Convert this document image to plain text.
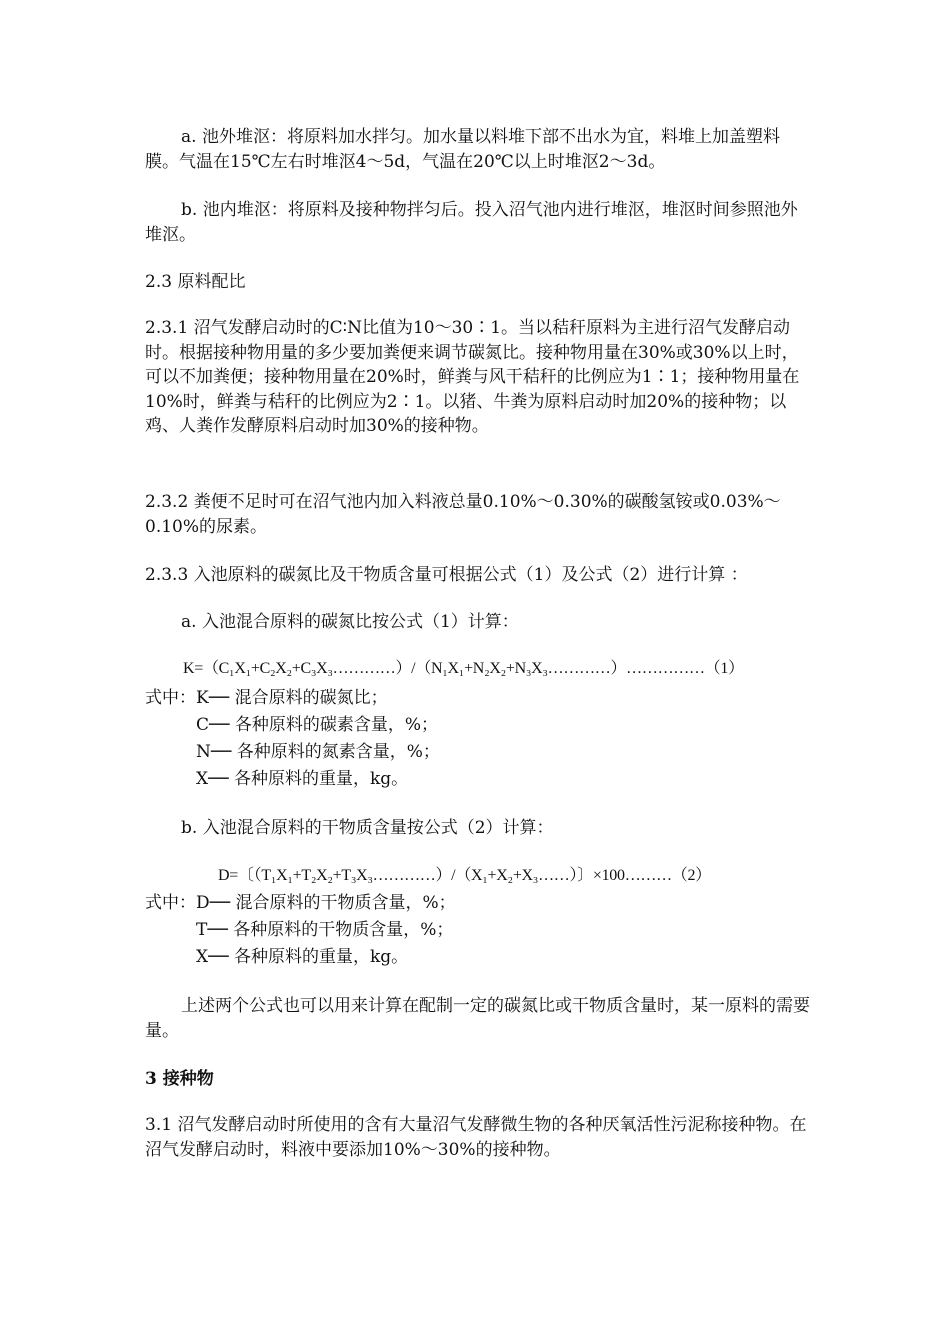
a. 池外堆沤：将原料加水拌匀。加水量以料堆下部不出水为宜，料堆上加盖塑料膜。气温在15℃左右时堆沤4～5d，气温在20℃以上时堆沤2～3d。
b. 池内堆沤：将原料及接种物拌匀后。投入沼气池内进行堆沤，堆沤时间参照池外堆沤。
2.3 原料配比
2.3.1 沼气发酵启动时的C∶N比值为10～30∶1。当以秸秆原料为主进行沼气发酵启动时。根据接种物用量的多少要加粪便来调节碳氮比。接种物用量在30%或30%以上时，可以不加粪便；接种物用量在20%时，鲜粪与风干秸秆的比例应为1∶1；接种物用量在10%时，鲜粪与秸秆的比例应为2∶1。以猪、牛粪为原料启动时加20%的接种物；以鸡、人粪作发酵原料启动时加30%的接种物。
2.3.2 粪便不足时可在沼气池内加入料液总量0.10%～0.30%的碳酸氢铵或0.03%～0.10%的尿素。
2.3.3 入池原料的碳氮比及干物质含量可根据公式（1）及公式（2）进行计算 ：
a. 入池混合原料的碳氮比按公式（1）计算：
K=（C₁X₁+C₂X₂+C₃X₃…………）/（N₁X₁+N₂X₂+N₃X₃…………）……………（1）
式中：K── 混合原料的碳氮比；
C── 各种原料的碳素含量，%；
N── 各种原料的氮素含量，%；
X── 各种原料的重量，kg。
b. 入池混合原料的干物质含量按公式（2）计算：
D=〔（T₁X₁+T₂X₂+T₃X₃…………）/（X₁+X₂+X₃……）〕×100………（2）
式中：D── 混合原料的干物质含量，%；
T── 各种原料的干物质含量，%；
X── 各种原料的重量，kg。
上述两个公式也可以用来计算在配制一定的碳氮比或干物质含量时，某一原料的需要量。
3 接种物
3.1 沼气发酵启动时所使用的含有大量沼气发酵微生物的各种厌氧活性污泥称接种物。在沼气发酵启动时，料液中要添加10%～30%的接种物。
